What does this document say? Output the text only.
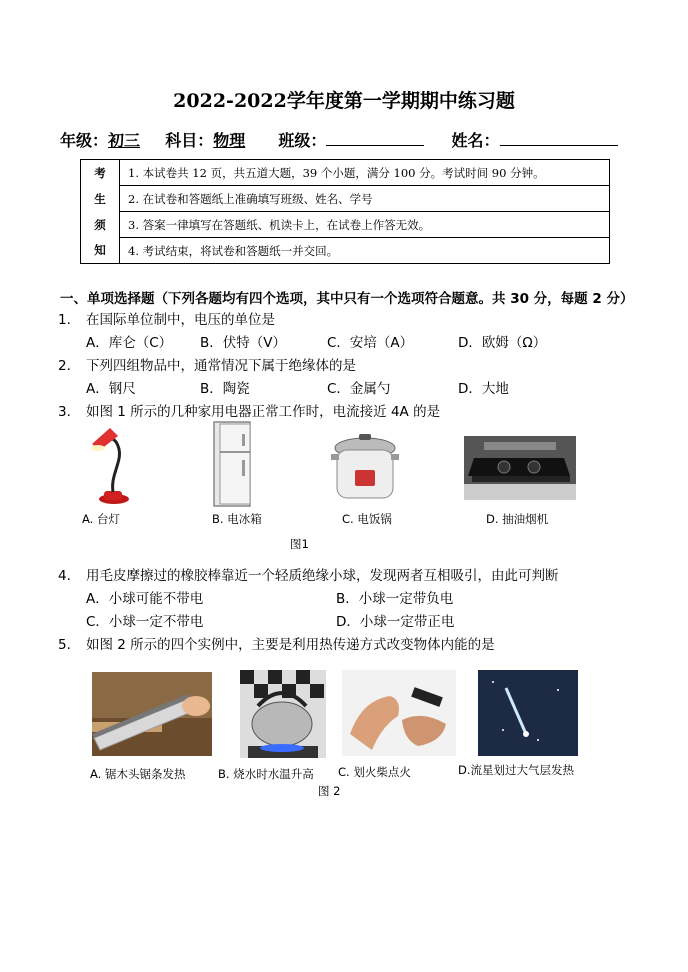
2022-2022学年度第一学期期中练习题
年级：初三 科目：物理 班级：	姓名：
考	1. 本试卷共 12 页，共五道大题，39 个小题，满分 100 分。考试时间 90 分钟。
生	2. 在试卷和答题纸上准确填写班级、姓名、学号
须	3. 答案一律填写在答题纸、机读卡上，在试卷上作答无效。
知	4. 考试结束，将试卷和答题纸一并交回。
一、单项选择题（下列各题均有四个选项，其中只有一个选项符合题意。共 30 分，每题 2 分）
1. 在国际单位制中，电压的单位是
A．库仑（C） B．伏特（V）	C．安培（A）	D．欧姆（Ω）
2. 下列四组物品中，通常情况下属于绝缘体的是
A．钢尺	B．陶瓷	C．金属勺	D．大地
3. 如图 1 所示的几种家用电器正常工作时，电流接近 4A 的是
A. 台灯	B. 电冰箱	C. 电饭锅	D. 抽油烟机
图1
4. 用毛皮摩擦过的橡胶棒靠近一个轻质绝缘小球，发现两者互相吸引，由此可判断
A．小球可能不带电	B．小球一定带负电
C．小球一定不带电	D．小球一定带正电
5. 如图 2 所示的四个实例中，主要是利用热传递方式改变物体内能的是
A. 锯木头锯条发热	B. 烧水时水温升高 C. 划火柴点火	D.流星划过大气层发热
图 2
